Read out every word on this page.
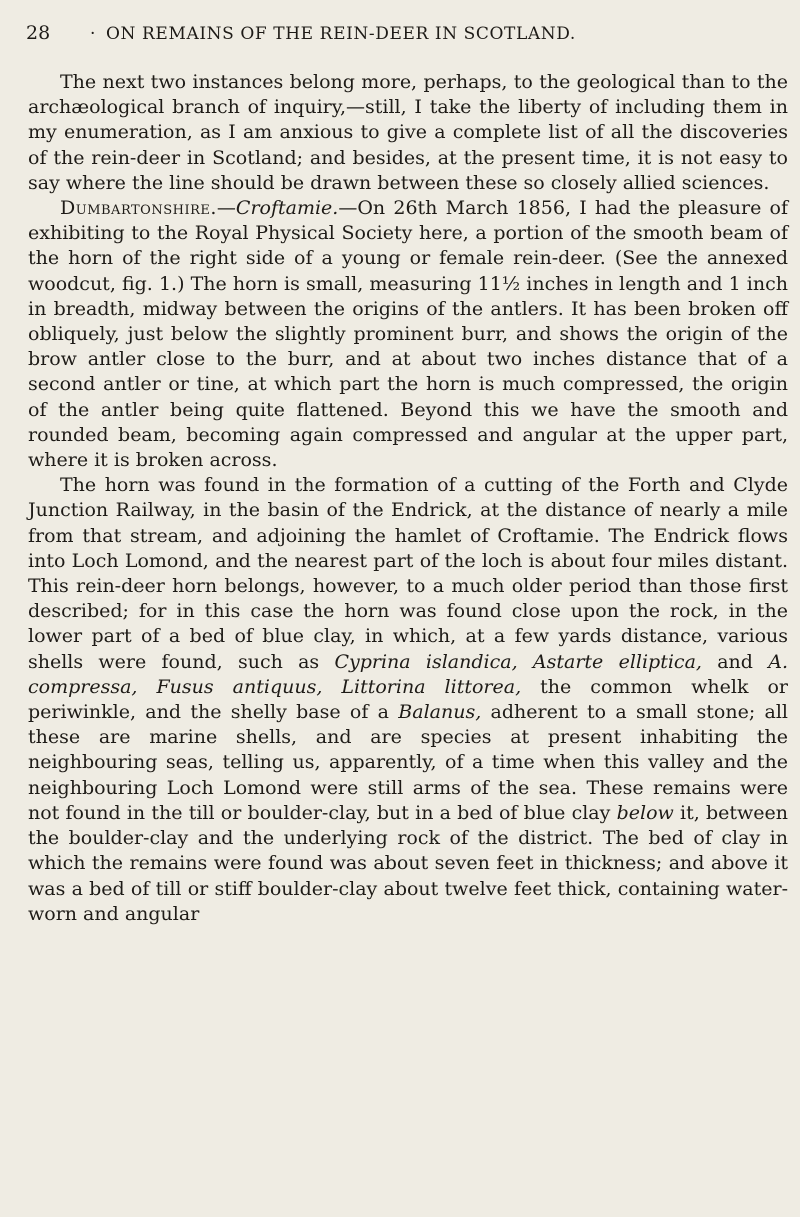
28 · ON REMAINS OF THE REIN-DEER IN SCOTLAND.

The next two instances belong more, perhaps, to the geological than to the archæological branch of inquiry,—still, I take the liberty of including them in my enumeration, as I am anxious to give a complete list of all the discoveries of the rein-deer in Scotland; and besides, at the present time, it is not easy to say where the line should be drawn between these so closely allied sciences.

Dumbartonshire.—Croftamie.—On 26th March 1856, I had the pleasure of exhibiting to the Royal Physical Society here, a portion of the smooth beam of the horn of the right side of a young or female rein-deer. (See the annexed woodcut, fig. 1.) The horn is small, measuring 11½ inches in length and 1 inch in breadth, midway between the origins of the antlers. It has been broken off obliquely, just below the slightly prominent burr, and shows the origin of the brow antler close to the burr, and at about two inches distance that of a second antler or tine, at which part the horn is much compressed, the origin of the antler being quite flattened. Beyond this we have the smooth and rounded beam, becoming again compressed and angular at the upper part, where it is broken across.

The horn was found in the formation of a cutting of the Forth and Clyde Junction Railway, in the basin of the Endrick, at the distance of nearly a mile from that stream, and adjoining the hamlet of Croftamie. The Endrick flows into Loch Lomond, and the nearest part of the loch is about four miles distant. This rein-deer horn belongs, however, to a much older period than those first described; for in this case the horn was found close upon the rock, in the lower part of a bed of blue clay, in which, at a few yards distance, various shells were found, such as Cyprina islandica, Astarte elliptica, and A. compressa, Fusus antiquus, Littorina littorea, the common whelk or periwinkle, and the shelly base of a Balanus, adherent to a small stone; all these are marine shells, and are species at present inhabiting the neighbouring seas, telling us, apparently, of a time when this valley and the neighbouring Loch Lomond were still arms of the sea. These remains were not found in the till or boulder-clay, but in a bed of blue clay below it, between the boulder-clay and the underlying rock of the district. The bed of clay in which the remains were found was about seven feet in thickness; and above it was a bed of till or stiff boulder-clay about twelve feet thick, containing water-worn and angular
